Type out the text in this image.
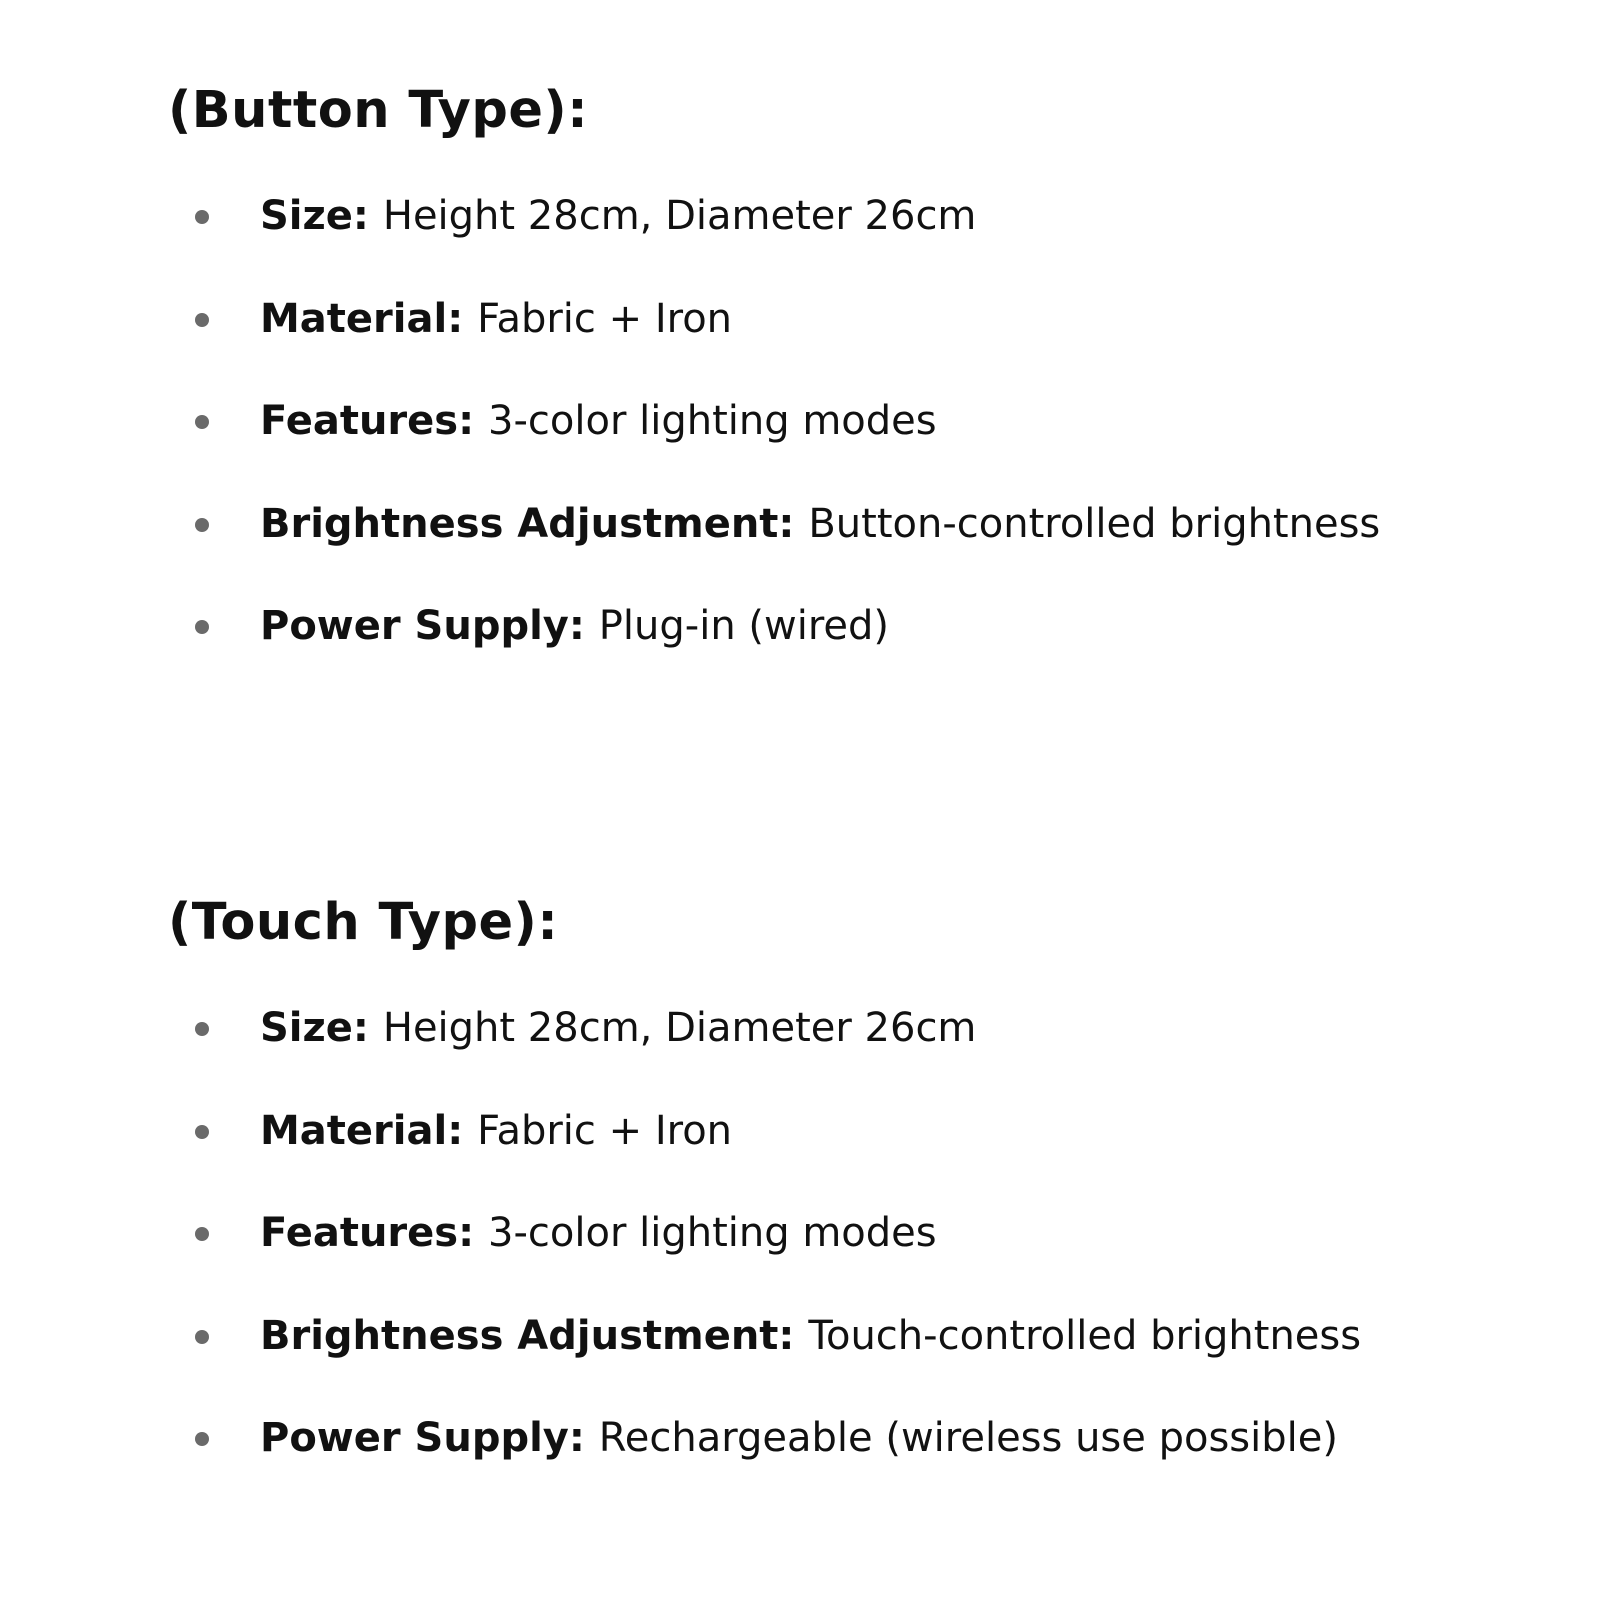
(Button Type):
Size: Height 28cm, Diameter 26cm
Material: Fabric + Iron
Features: 3-color lighting modes
Brightness Adjustment: Button-controlled brightness
Power Supply: Plug-in (wired)
(Touch Type):
Size: Height 28cm, Diameter 26cm
Material: Fabric + Iron
Features: 3-color lighting modes
Brightness Adjustment: Touch-controlled brightness
Power Supply: Rechargeable (wireless use possible)
